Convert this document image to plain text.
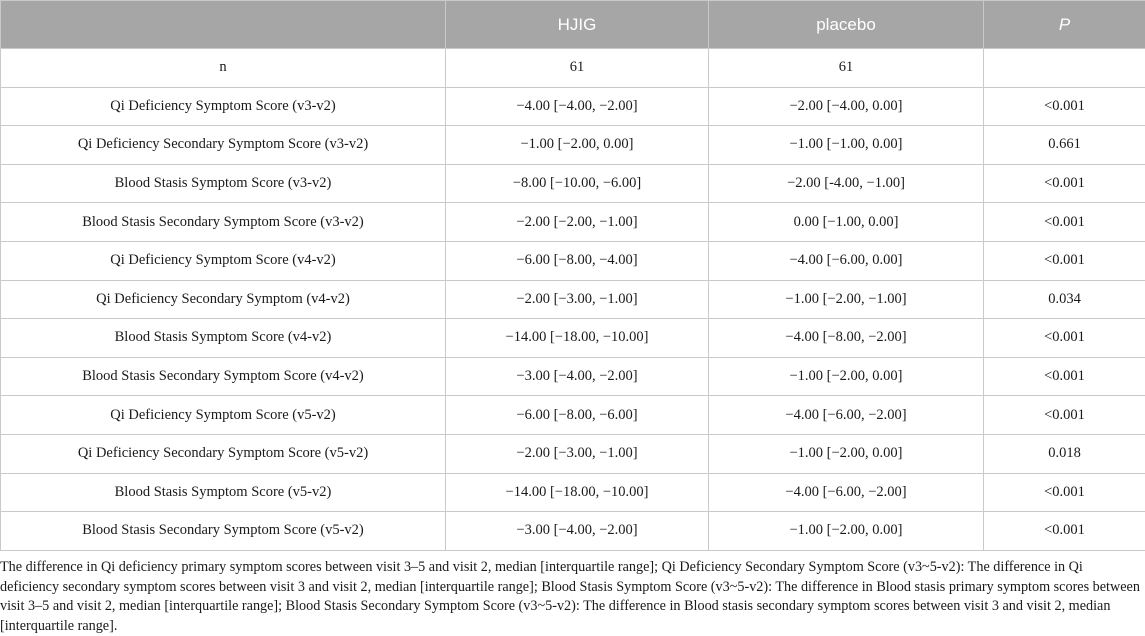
	HJIG	placebo	P
n	61	61	
Qi Deficiency Symptom Score (v3-v2)	−4.00 [−4.00, −2.00]	−2.00 [−4.00, 0.00]	<0.001
Qi Deficiency Secondary Symptom Score (v3-v2)	−1.00 [−2.00, 0.00]	−1.00 [−1.00, 0.00]	0.661
Blood Stasis Symptom Score (v3-v2)	−8.00 [−10.00, −6.00]	−2.00 [-4.00, −1.00]	<0.001
Blood Stasis Secondary Symptom Score (v3-v2)	−2.00 [−2.00, −1.00]	0.00 [−1.00, 0.00]	<0.001
Qi Deficiency Symptom Score (v4-v2)	−6.00 [−8.00, −4.00]	−4.00 [−6.00, 0.00]	<0.001
Qi Deficiency Secondary Symptom (v4-v2)	−2.00 [−3.00, −1.00]	−1.00 [−2.00, −1.00]	0.034
Blood Stasis Symptom Score (v4-v2)	−14.00 [−18.00, −10.00]	−4.00 [−8.00, −2.00]	<0.001
Blood Stasis Secondary Symptom Score (v4-v2)	−3.00 [−4.00, −2.00]	−1.00 [−2.00, 0.00]	<0.001
Qi Deficiency Symptom Score (v5-v2)	−6.00 [−8.00, −6.00]	−4.00 [−6.00, −2.00]	<0.001
Qi Deficiency Secondary Symptom Score (v5-v2)	−2.00 [−3.00, −1.00]	−1.00 [−2.00, 0.00]	0.018
Blood Stasis Symptom Score (v5-v2)	−14.00 [−18.00, −10.00]	−4.00 [−6.00, −2.00]	<0.001
Blood Stasis Secondary Symptom Score (v5-v2)	−3.00 [−4.00, −2.00]	−1.00 [−2.00, 0.00]	<0.001

The difference in Qi deficiency primary symptom scores between visit 3–5 and visit 2, median [interquartile range]; Qi Deficiency Secondary Symptom Score (v3~5-v2): The difference in Qi deficiency secondary symptom scores between visit 3 and visit 2, median [interquartile range]; Blood Stasis Symptom Score (v3~5-v2): The difference in Blood stasis primary symptom scores between visit 3–5 and visit 2, median [interquartile range]; Blood Stasis Secondary Symptom Score (v3~5-v2): The difference in Blood stasis secondary symptom scores between visit 3 and visit 2, median [interquartile range].
